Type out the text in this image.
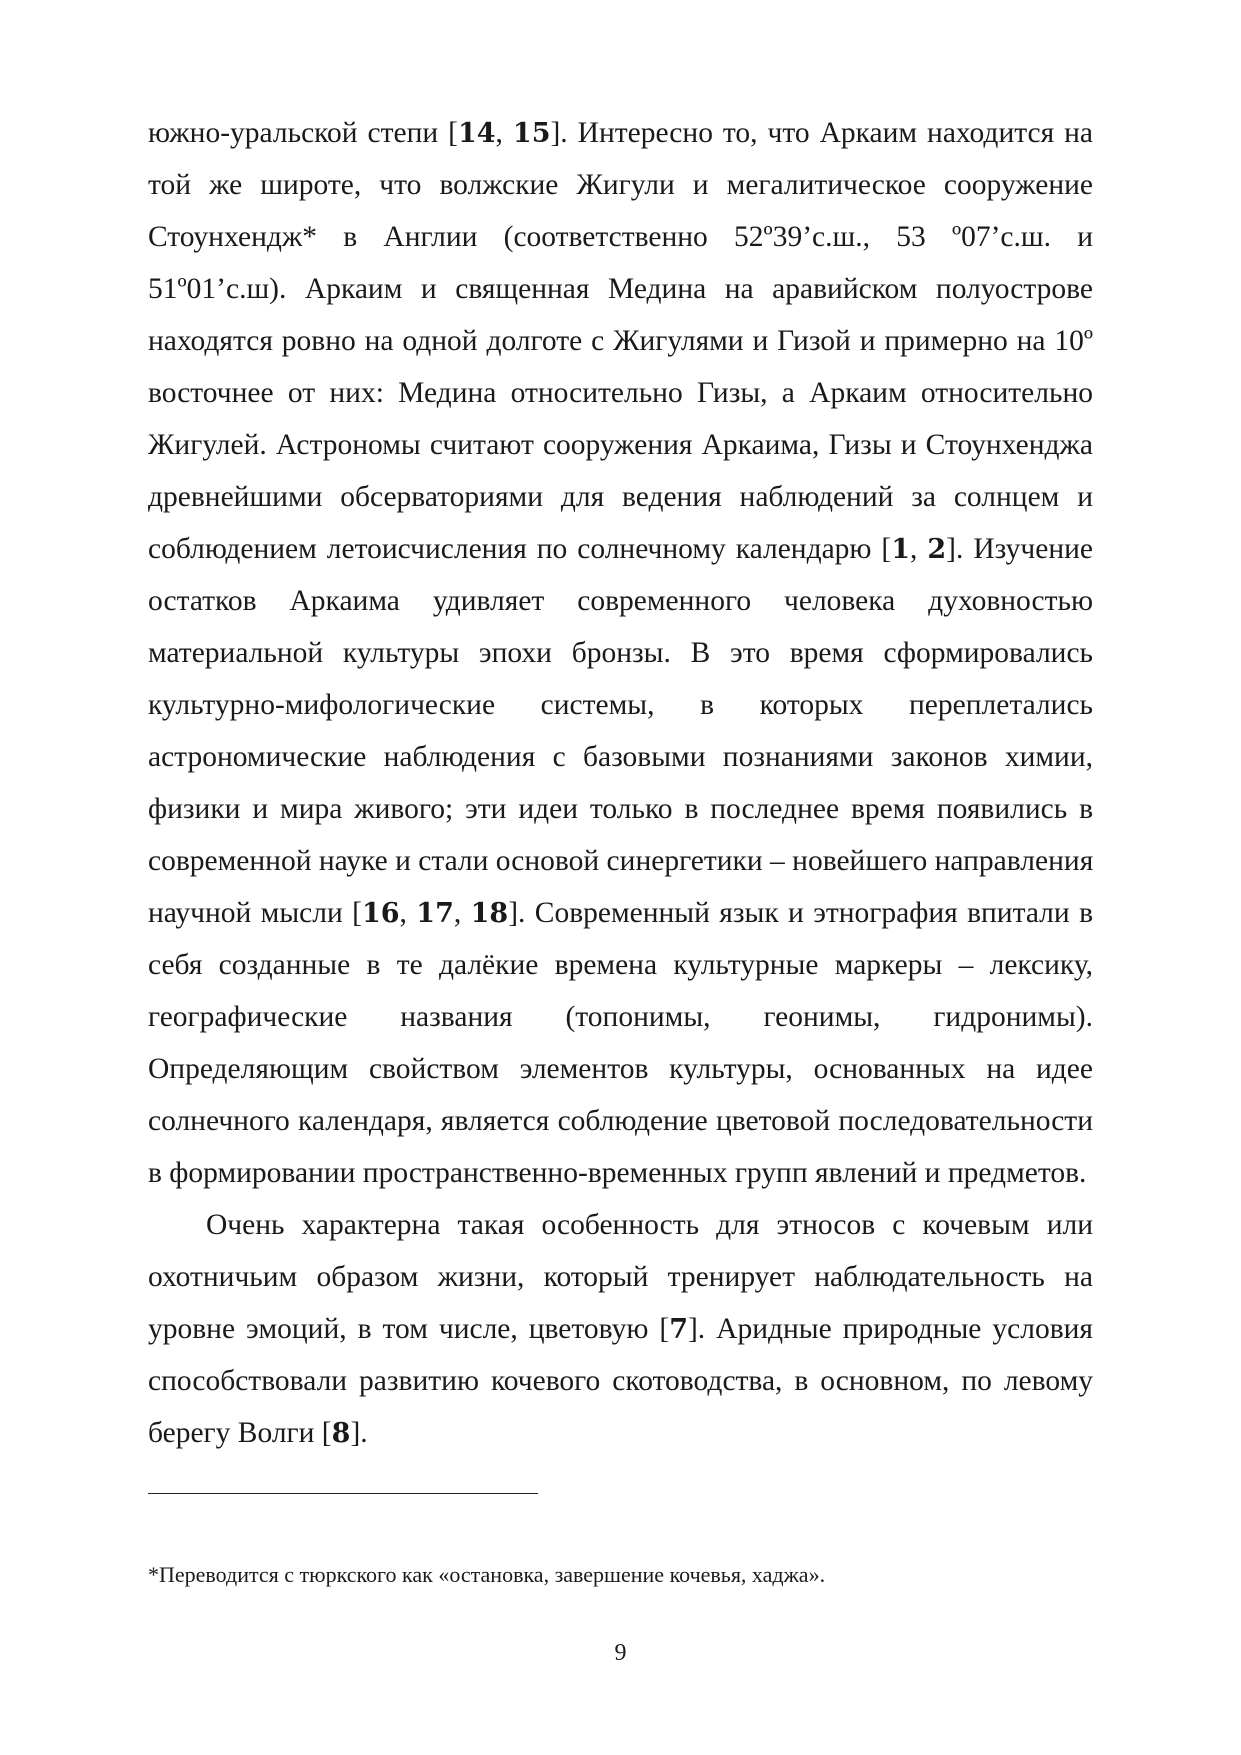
южно-уральской степи [14, 15]. Интересно то, что Аркаим находится на
той же широте, что волжские Жигули и мегалитическое сооружение
Стоунхендж* в Англии (соответственно 52º39’с.ш., 53 º07’с.ш. и
51º01’с.ш). Аркаим и священная Медина на аравийском полуострове
находятся ровно на одной долготе с Жигулями и Гизой и примерно на 10º
восточнее от них: Медина относительно Гизы, а Аркаим относительно
Жигулей. Астрономы считают сооружения Аркаима, Гизы и Стоунхенджа
древнейшими обсерваториями для ведения наблюдений за солнцем и
соблюдением летоисчисления по солнечному календарю [1, 2]. Изучение
остатков Аркаима удивляет современного человека духовностью
материальной культуры эпохи бронзы. В это время сформировались
культурно-мифологические системы, в которых переплетались
астрономические наблюдения с базовыми познаниями законов химии,
физики и мира живого; эти идеи только в последнее время появились в
современной науке и стали основой синергетики – новейшего направления
научной мысли [16, 17, 18]. Современный язык и этнография впитали в
себя созданные в те далёкие времена культурные маркеры – лексику,
географические названия (топонимы, геонимы, гидронимы).
Определяющим свойством элементов культуры, основанных на идее
солнечного календаря, является соблюдение цветовой последовательности
в формировании пространственно-временных групп явлений и предметов.

Очень характерна такая особенность для этносов с кочевым или
охотничьим образом жизни, который тренирует наблюдательность на
уровне эмоций, в том числе, цветовую [7]. Аридные природные условия
способствовали развитию кочевого скотоводства, в основном, по левому
берегу Волги [8].

*Переводится с тюркского как «остановка, завершение кочевья, хаджа».
9
